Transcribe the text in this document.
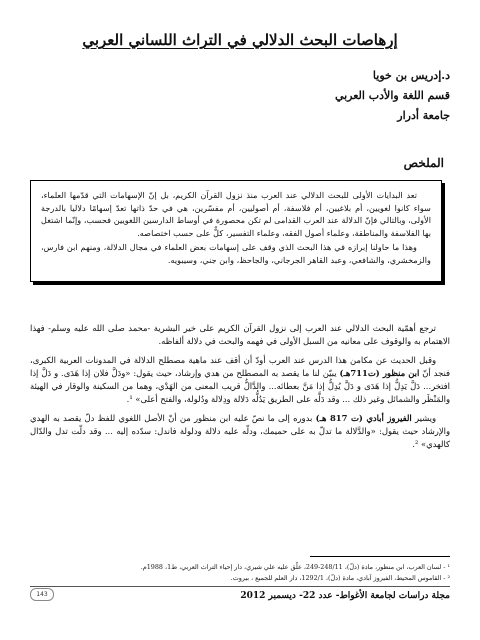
إرهاصات البحث الدلالي في التراث اللساني العربي
د.إدريس بن خويا
قسم اللغة والأدب العربي
جامعة أدرار
الملخص

تعد البدايات الأولى للبحث الدلالي عند العرب منذ نزول القرآن الكريم، بل إنّ الإسهامات التي قدّمها العلماء، سواء كانوا لغويين، أم بلاغيين، أم فلاسفة، أم أصوليين، أم مفسّرين، هي في حدّ ذاتها تعدّ إسهامًا دلاليا بالدرجة الأولى، وبالتالي فإنّ الدلالة عند العرب القدامى لم تكن محصورة في أوساط الدارسين اللغويين فحسب، وإنّما اشتغل بها الفلاسفة والمناطقة، وعلماء أصول الفقه، وعلماء التفسير، كلٌّ على حسب اختصاصه.

وهذا ما حاولنا إبرازه في هذا البحث الذي وقف على إسهامات بعض العلماء في مجال الدلالة، ومنهم ابن فارس، والزمخشري، والشافعي، وعبد القاهر الجرجاني، والجاحظ، وابن جني، وسيبويه.

ترجع أهمّية البحث الدلالي عند العرب إلى نزول القرآن الكريم على خير البشرية -محمد صلى الله عليه وسلم- فهذا الاهتمام به والوقوف على معانيه من السبل الأولى في فهمه والبحث في دلالة ألفاظه.

وقبل الحديث عن مكامن هذا الدرس عند العرب أودّ أن أقف عند ماهية مصطلح الدلالة في المدونات العربية الكبرى، فنجد أنّ ابن منظور (ت711هـ) يبيّن لنا ما يقصد به المصطلح من هدي وإرشاد، حيث يقول: «ودَلَّ فلان إذا هَدَى. و دَلَّ إذا افتخر... دَلَّ يَدِلُّ إذا هَدَى و دَلَّ يُدِلُّ إذا مَنَّ بعطائه... والدَّالُّ قريب المعنى من الهَدْي، وهما من السكينة والوقار في الهيئة والمَنْظَر والشمائل وغير ذلك ... وقد دَلَّه على الطريق يَدُلُّه دَلالة ودِلالة ودُلولة، والفتح أعلى» ¹.

ويشير الفيروز أبادي (ت 817 هـ) بدوره إلى ما نصّ عليه ابن منظور من أنّ الأصل اللغوي للفظ دلّ يقصد به الهدي والإرشاد حيث يقول: «والدَّلالة ما تدلّ به على حميمك، ودلّه عليه دلالة ودلولة فاندل: سدّده إليه ... وقد دلّت تدل والدّال كالهدي» ².

¹ - لسان العرب، ابن منظور، مادة (دلّ)، 248/11-249، علّق عليه علي شيري، دار إحياء التراث العربي، ط1، 1988م.

² - القاموس المحيط، الفيروز آبادي، مادة (دلّ)، 1292/1، دار العلم للجميع ، بيروت.

مجلة دراسات لجامعة الأغواط- عدد 22- ديسمبر 2012
143
